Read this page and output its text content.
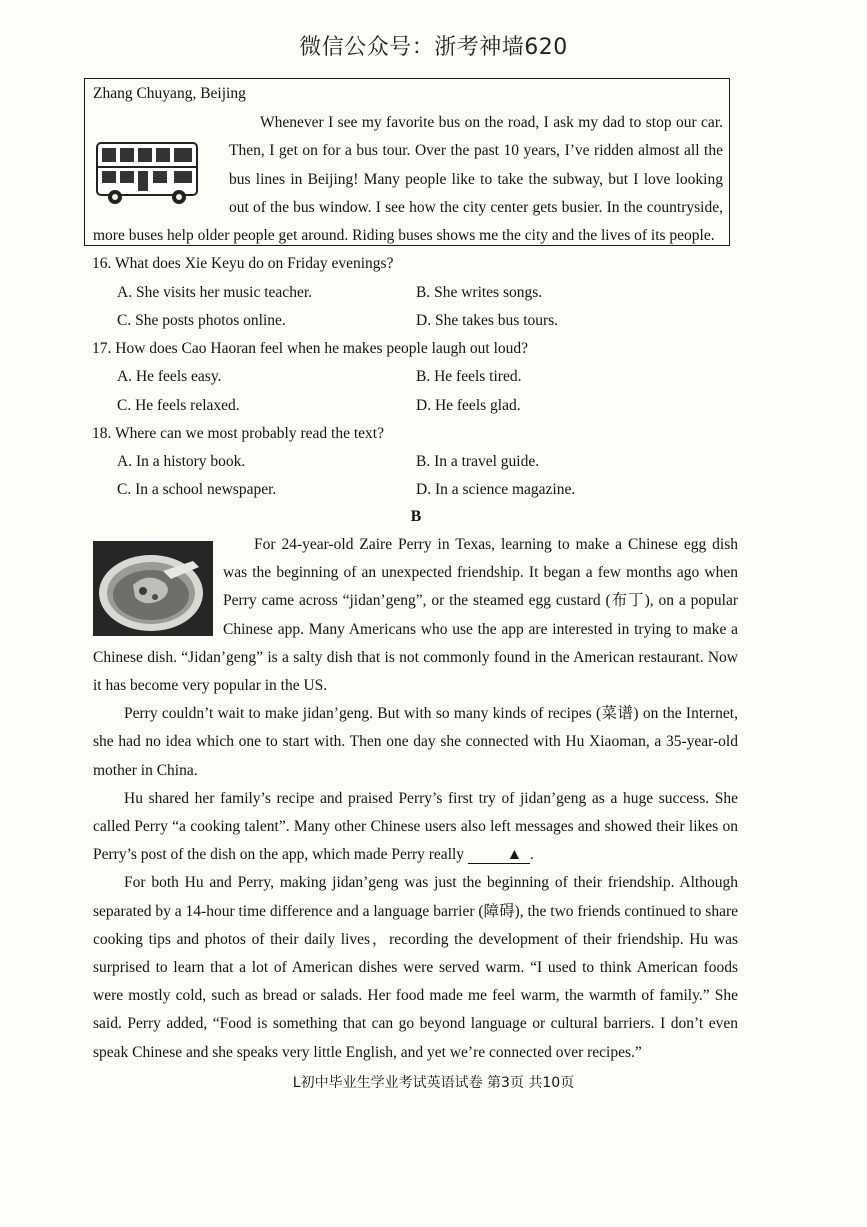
微信公众号：浙考神墙620
Zhang Chuyang, Beijing
Whenever I see my favorite bus on the road, I ask my dad to stop our car. Then, I get on for a bus tour. Over the past 10 years, I’ve ridden almost all the bus lines in Beijing! Many people like to take the subway, but I love looking out of the bus window. I see how the city center gets busier. In the countryside, more buses help older people get around. Riding buses shows me the city and the lives of its people.
16. What does Xie Keyu do on Friday evenings?
A. She visits her music teacher.	B. She writes songs.
C. She posts photos online.	D. She takes bus tours.
17. How does Cao Haoran feel when he makes people laugh out loud?
A. He feels easy.	B. He feels tired.
C. He feels relaxed.	D. He feels glad.
18. Where can we most probably read the text?
A. In a history book.	B. In a travel guide.
C. In a school newspaper.	D. In a science magazine.
B

For 24-year-old Zaire Perry in Texas, learning to make a Chinese egg dish was the beginning of an unexpected friendship. It began a few months ago when Perry came across “jidan’geng”, or the steamed egg custard (布丁), on a popular Chinese app. Many Americans who use the app are interested in trying to make a Chinese dish. “Jidan’geng” is a salty dish that is not commonly found in the American restaurant. Now it has become very popular in the US.

Perry couldn’t wait to make jidan’geng. But with so many kinds of recipes (菜谱) on the Internet, she had no idea which one to start with. Then one day she connected with Hu Xiaoman, a 35-year-old mother in China.

Hu shared her family’s recipe and praised Perry’s first try of jidan’geng as a huge success. She called Perry “a cooking talent”. Many other Chinese users also left messages and showed their likes on Perry’s post of the dish on the app, which made Perry really	▲ .

For both Hu and Perry, making jidan’geng was just the beginning of their friendship. Although separated by a 14-hour time difference and a language barrier (障碍), the two friends continued to share cooking tips and photos of their daily lives，recording the development of their friendship. Hu was surprised to learn that a lot of American dishes were served warm. “I used to think American foods were mostly cold, such as bread or salads. Her food made me feel warm, the warmth of family.” She said. Perry added, “Food is something that can go beyond language or cultural barriers. I don’t even speak Chinese and she speaks very little English, and yet we’re connected over recipes.”

L初中毕业生学业考试英语试卷 第3页 共10页
